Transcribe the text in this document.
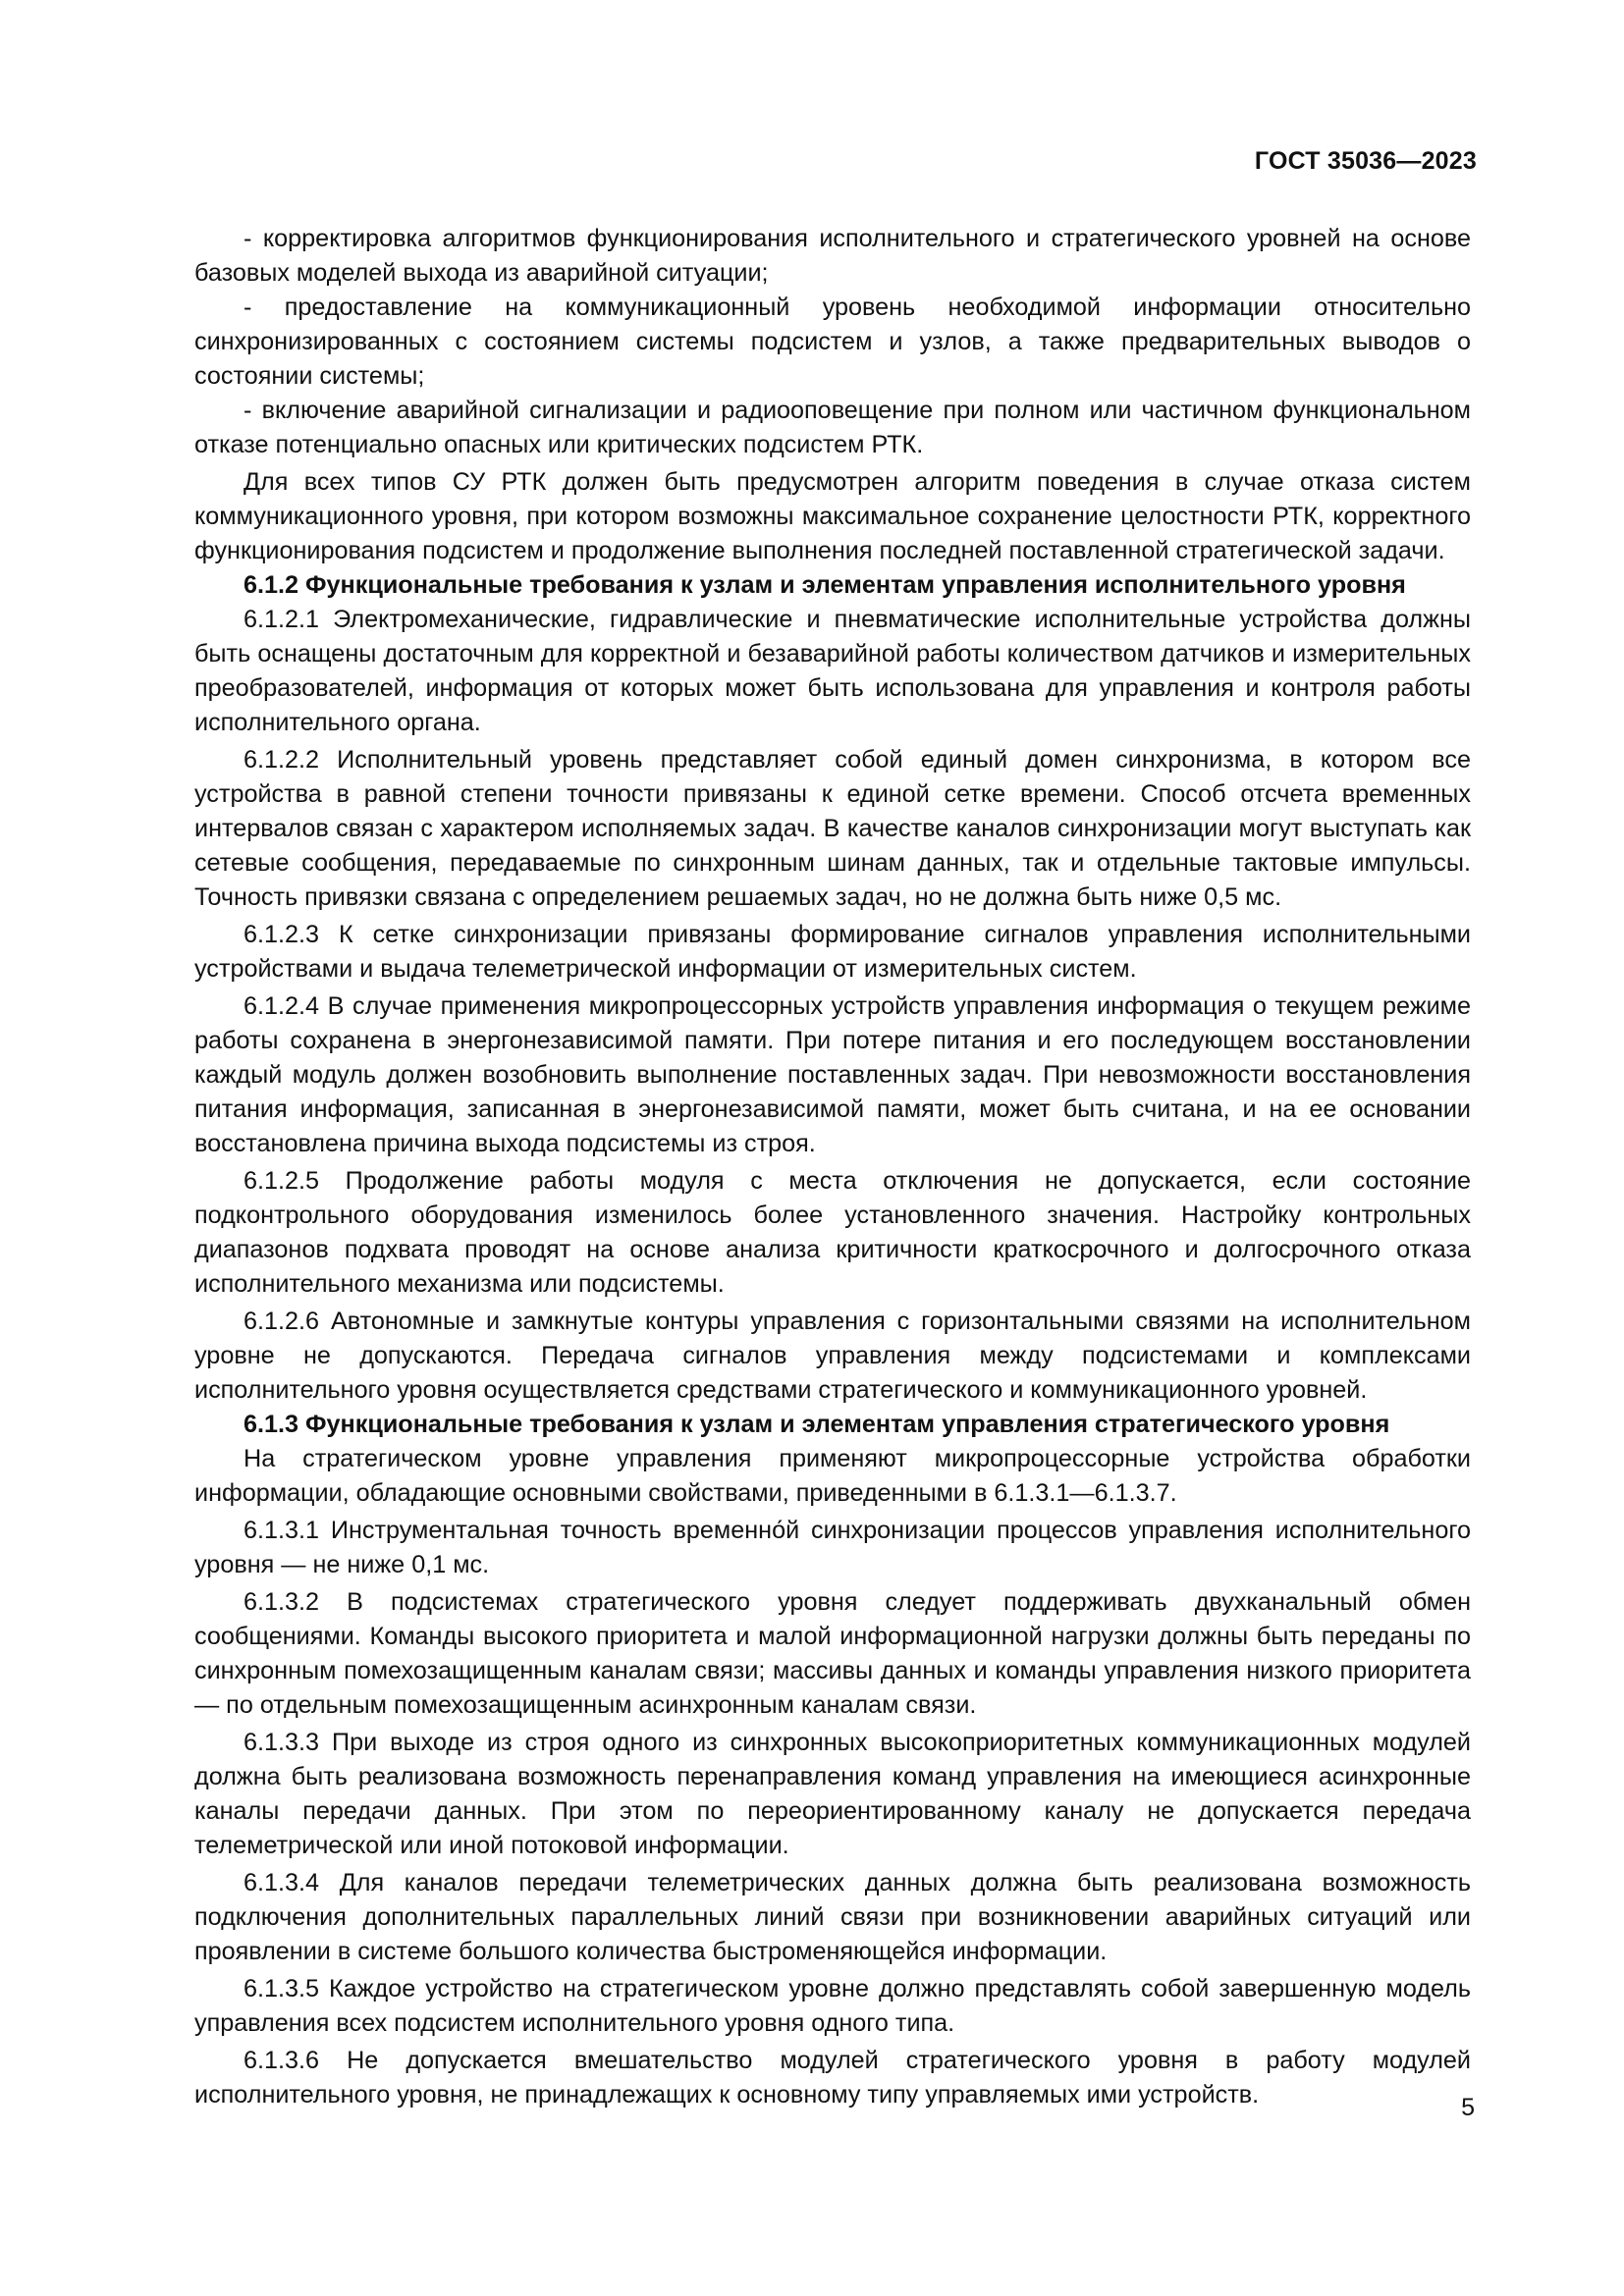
ГОСТ 35036—2023

- корректировка алгоритмов функционирования исполнительного и стратегического уровней на основе базовых моделей выхода из аварийной ситуации;

- предоставление на коммуникационный уровень необходимой информации относительно синхронизированных с состоянием системы подсистем и узлов, а также предварительных выводов о состоянии системы;

- включение аварийной сигнализации и радиооповещение при полном или частичном функциональном отказе потенциально опасных или критических подсистем РТК.

Для всех типов СУ РТК должен быть предусмотрен алгоритм поведения в случае отказа систем коммуникационного уровня, при котором возможны максимальное сохранение целостности РТК, корректного функционирования подсистем и продолжение выполнения последней поставленной стратегической задачи.

6.1.2 Функциональные требования к узлам и элементам управления исполнительного уровня

6.1.2.1 Электромеханические, гидравлические и пневматические исполнительные устройства должны быть оснащены достаточным для корректной и безаварийной работы количеством датчиков и измерительных преобразователей, информация от которых может быть использована для управления и контроля работы исполнительного органа.

6.1.2.2 Исполнительный уровень представляет собой единый домен синхронизма, в котором все устройства в равной степени точности привязаны к единой сетке времени. Способ отсчета временных интервалов связан с характером исполняемых задач. В качестве каналов синхронизации могут выступать как сетевые сообщения, передаваемые по синхронным шинам данных, так и отдельные тактовые импульсы. Точность привязки связана с определением решаемых задач, но не должна быть ниже 0,5 мс.

6.1.2.3 К сетке синхронизации привязаны формирование сигналов управления исполнительными устройствами и выдача телеметрической информации от измерительных систем.

6.1.2.4 В случае применения микропроцессорных устройств управления информация о текущем режиме работы сохранена в энергонезависимой памяти. При потере питания и его последующем восстановлении каждый модуль должен возобновить выполнение поставленных задач. При невозможности восстановления питания информация, записанная в энергонезависимой памяти, может быть считана, и на ее основании восстановлена причина выхода подсистемы из строя.

6.1.2.5 Продолжение работы модуля с места отключения не допускается, если состояние подконтрольного оборудования изменилось более установленного значения. Настройку контрольных диапазонов подхвата проводят на основе анализа критичности краткосрочного и долгосрочного отказа исполнительного механизма или подсистемы.

6.1.2.6 Автономные и замкнутые контуры управления с горизонтальными связями на исполнительном уровне не допускаются. Передача сигналов управления между подсистемами и комплексами исполнительного уровня осуществляется средствами стратегического и коммуникационного уровней.

6.1.3 Функциональные требования к узлам и элементам управления стратегического уровня

На стратегическом уровне управления применяют микропроцессорные устройства обработки информации, обладающие основными свойствами, приведенными в 6.1.3.1—6.1.3.7.

6.1.3.1 Инструментальная точность временно́й синхронизации процессов управления исполнительного уровня — не ниже 0,1 мс.

6.1.3.2 В подсистемах стратегического уровня следует поддерживать двухканальный обмен сообщениями. Команды высокого приоритета и малой информационной нагрузки должны быть переданы по синхронным помехозащищенным каналам связи; массивы данных и команды управления низкого приоритета — по отдельным помехозащищенным асинхронным каналам связи.

6.1.3.3 При выходе из строя одного из синхронных высокоприоритетных коммуникационных модулей должна быть реализована возможность перенаправления команд управления на имеющиеся асинхронные каналы передачи данных. При этом по переориентированному каналу не допускается передача телеметрической или иной потоковой информации.

6.1.3.4 Для каналов передачи телеметрических данных должна быть реализована возможность подключения дополнительных параллельных линий связи при возникновении аварийных ситуаций или проявлении в системе большого количества быстроменяющейся информации.

6.1.3.5 Каждое устройство на стратегическом уровне должно представлять собой завершенную модель управления всех подсистем исполнительного уровня одного типа.

6.1.3.6 Не допускается вмешательство модулей стратегического уровня в работу модулей исполнительного уровня, не принадлежащих к основному типу управляемых ими устройств.	5
